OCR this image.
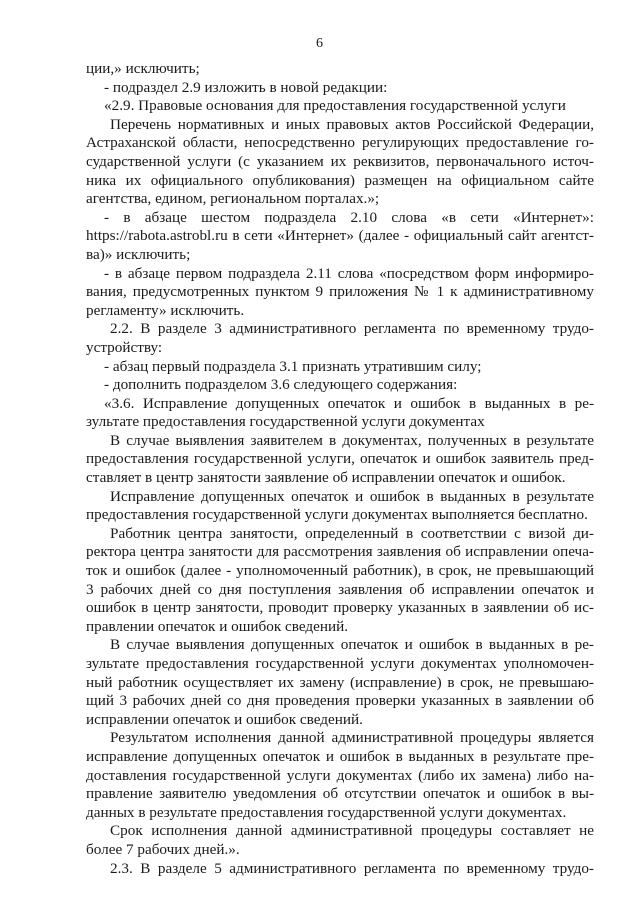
6
ции,» исключить;
- подраздел 2.9 изложить в новой редакции:
«2.9. Правовые основания для предоставления государственной услуги
Перечень нормативных и иных правовых актов Российской Федерации,
Астраханской области, непосредственно регулирующих предоставление го-
сударственной услуги (с указанием их реквизитов, первоначального источ-
ника их официального опубликования) размещен на официальном сайте
агентства, едином, региональном порталах.»;
- в абзаце шестом подраздела 2.10 слова «в сети «Интернет»:
https://rabota.astrobl.ru в сети «Интернет» (далее - официальный сайт агентст-
ва)» исключить;
- в абзаце первом подраздела 2.11 слова «посредством форм информиро-
вания, предусмотренных пунктом 9 приложения № 1 к административному
регламенту» исключить.
2.2. В разделе 3 административного регламента по временному трудо-
устройству:
- абзац первый подраздела 3.1 признать утратившим силу;
- дополнить подразделом 3.6 следующего содержания:
«3.6. Исправление допущенных опечаток и ошибок в выданных в ре-
зультате предоставления государственной услуги документах
В случае выявления заявителем в документах, полученных в результате
предоставления государственной услуги, опечаток и ошибок заявитель пред-
ставляет в центр занятости заявление об исправлении опечаток и ошибок.
Исправление допущенных опечаток и ошибок в выданных в результате
предоставления государственной услуги документах выполняется бесплатно.
Работник центра занятости, определенный в соответствии с визой ди-
ректора центра занятости для рассмотрения заявления об исправлении опеча-
ток и ошибок (далее - уполномоченный работник), в срок, не превышающий
3 рабочих дней со дня поступления заявления об исправлении опечаток и
ошибок в центр занятости, проводит проверку указанных в заявлении об ис-
правлении опечаток и ошибок сведений.
В случае выявления допущенных опечаток и ошибок в выданных в ре-
зультате предоставления государственной услуги документах уполномочен-
ный работник осуществляет их замену (исправление) в срок, не превышаю-
щий 3 рабочих дней со дня проведения проверки указанных в заявлении об
исправлении опечаток и ошибок сведений.
Результатом исполнения данной административной процедуры является
исправление допущенных опечаток и ошибок в выданных в результате пре-
доставления государственной услуги документах (либо их замена) либо на-
правление заявителю уведомления об отсутствии опечаток и ошибок в вы-
данных в результате предоставления государственной услуги документах.
Срок исполнения данной административной процедуры составляет не
более 7 рабочих дней.».
2.3. В разделе 5 административного регламента по временному трудо-
